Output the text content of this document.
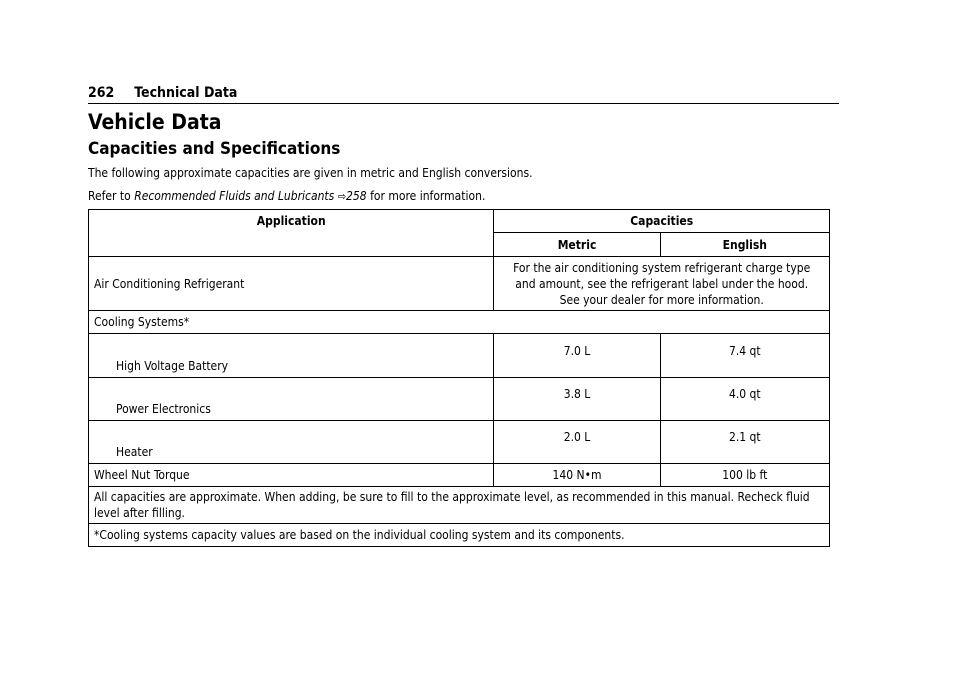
262 Technical Data
Vehicle Data
Capacities and Specifications

The following approximate capacities are given in metric and English conversions.

Refer to Recommended Fluids and Lubricants ⇨258 for more information.

Application	Capacities	
	Metric	English
Air Conditioning Refrigerant	For the air conditioning system refrigerant charge type and amount, see the refrigerant label under the hood. See your dealer for more information.	
Cooling Systems*		
High Voltage Battery	7.0 L	7.4 qt
Power Electronics	3.8 L	4.0 qt
Heater	2.0 L	2.1 qt
Wheel Nut Torque	140 N•m	100 lb ft
All capacities are approximate. When adding, be sure to fill to the approximate level, as recommended in this manual. Recheck fluid level after filling.		
*Cooling systems capacity values are based on the individual cooling system and its components.		
